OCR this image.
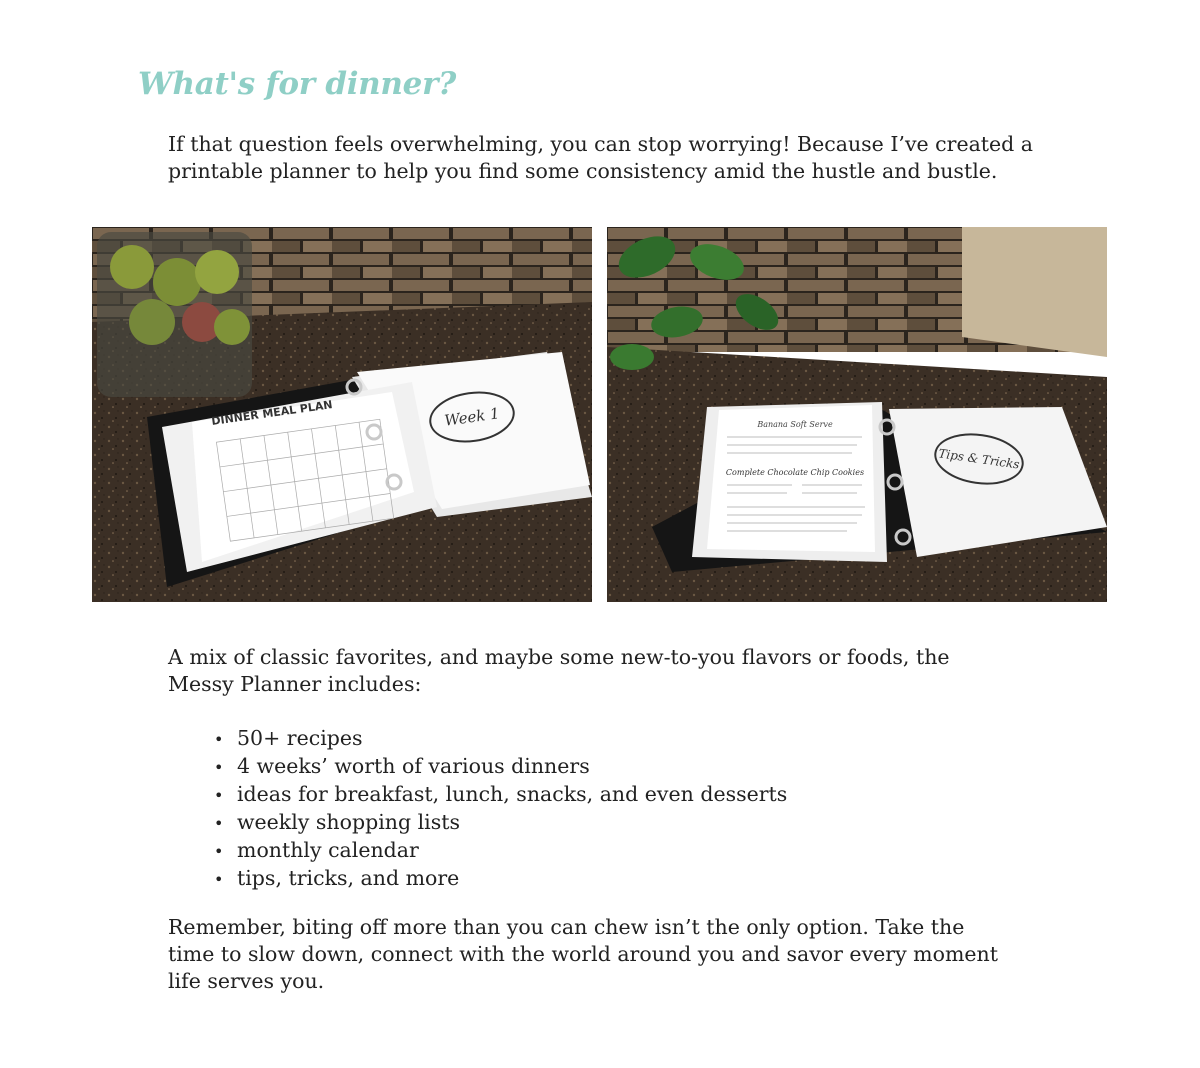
What's for dinner?

If that question feels overwhelming, you can stop worrying! Because I’ve created a
printable planner to help you find some consistency amid the hustle and bustle.

Week 1
DINNER MEAL PLAN	Banana Soft Serve
Complete Chocolate Chip Cookies
Tips & Tricks

A mix of classic favorites, and maybe some new-to-you flavors or foods, the
Messy Planner includes:

• 50+ recipes
• 4 weeks’ worth of various dinners
• ideas for breakfast, lunch, snacks, and even desserts
• weekly shopping lists
• monthly calendar
• tips, tricks, and more

Remember, biting off more than you can chew isn’t the only option. Take the
time to slow down, connect with the world around you and savor every moment
life serves you.
